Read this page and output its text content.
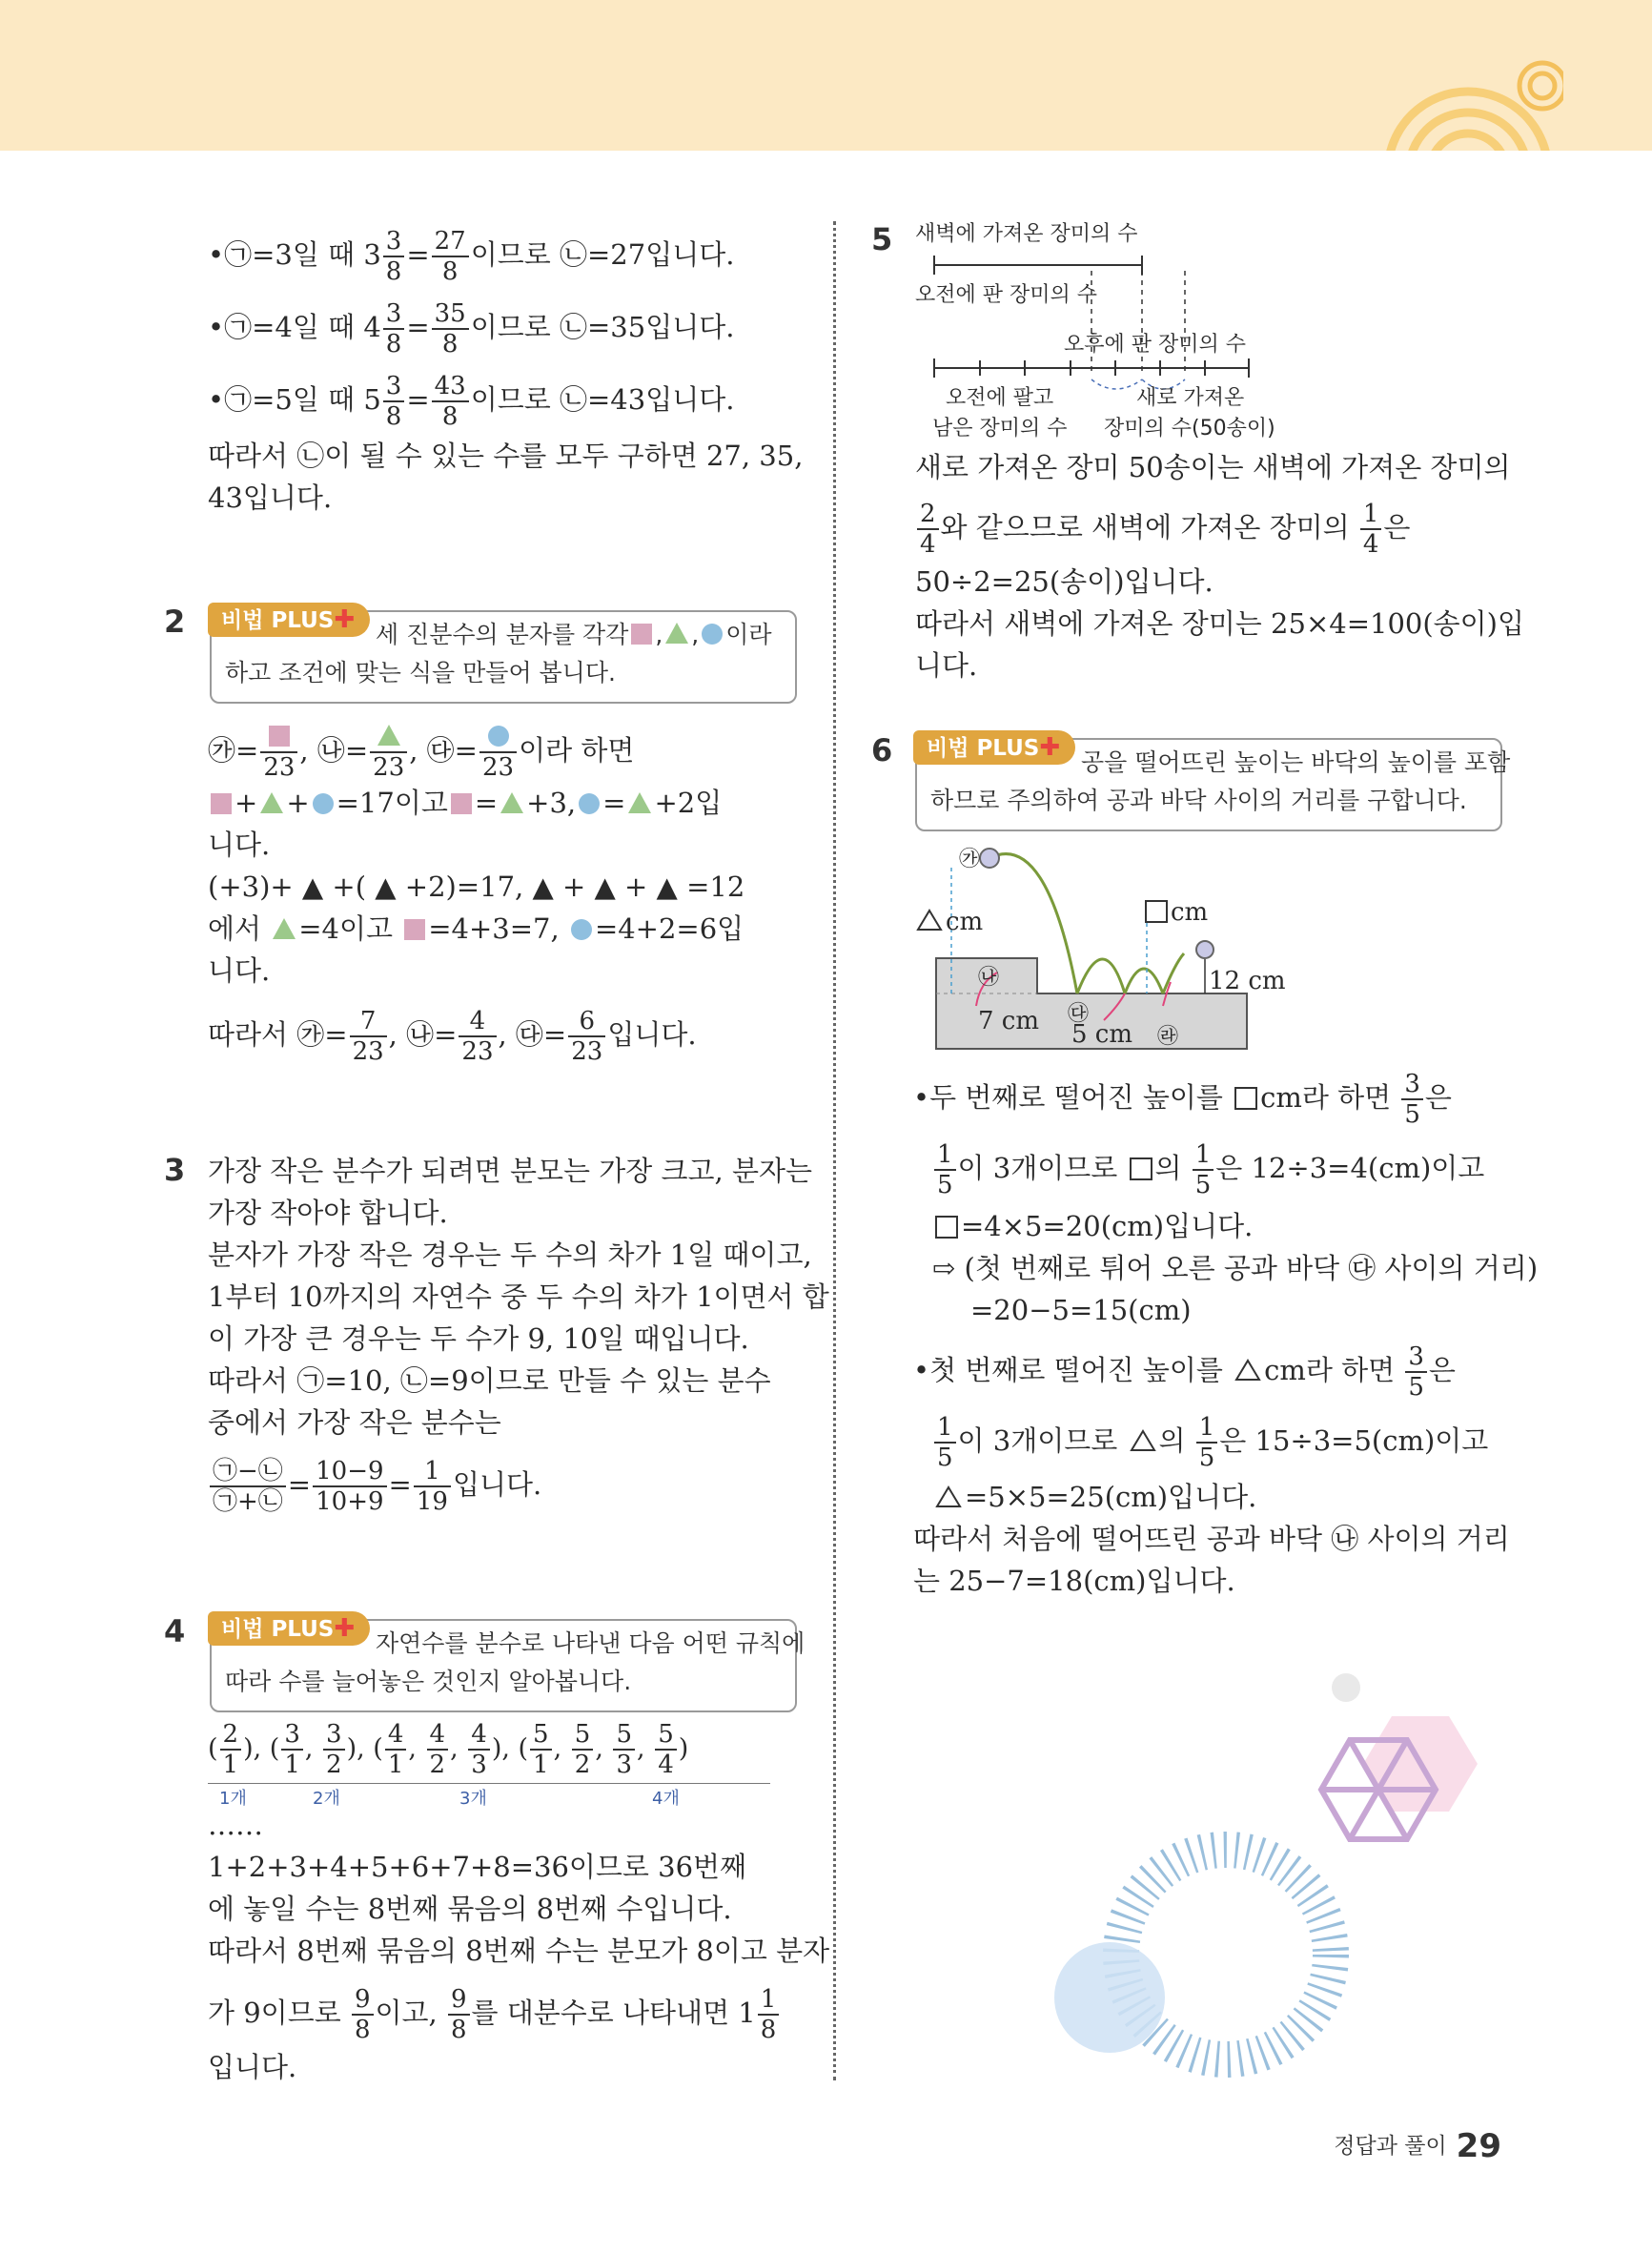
•㉠=3일 때 $3 \frac{3}{8} = \frac{27}{8}$ 이므로 ㉡=27입니다.
•㉠=4일 때 $4 \frac{3}{8} = \frac{35}{8}$ 이므로 ㉡=35입니다.
•㉠=5일 때 $5 \frac{3}{8} = \frac{43}{8}$ 이므로 ㉡=43입니다.
따라서 ㉡이 될 수 있는 수를 모두 구하면 27, 35,
43입니다.
2	비법 PLUS✚
세 진분수의 분자를 각각 , , 이라
하고 조건에 맞는 식을 만들어 봅니다.
㉮=
23
, ㉯=
23
, ㉰=
23
이라 하면
+ + =17이고 = +3, = +2입
니다.
(+3)+ ▲ +( ▲ +2)=17, ▲ + ▲ + ▲ =12
에서 =4이고 =4+3=7, =4+2=6입
니다.
따라서 ㉮= $\frac{7}{23}$ , ㉯= $\frac{4}{23}$ , ㉰= $\frac{6}{23}$ 입니다.
3 가장 작은 분수가 되려면 분모는 가장 크고, 분자는
가장 작아야 합니다.
분자가 가장 작은 경우는 두 수의 차가 1일 때이고,
1부터 10까지의 자연수 중 두 수의 차가 1이면서 합
이 가장 큰 경우는 두 수가 9, 10일 때입니다.
따라서 ㉠=10, ㉡=9이므로 만들 수 있는 분수
중에서 가장 작은 분수는
$\frac{㉠-㉡}{㉠+㉡} = \frac{10-9}{10+9} = \frac{1}{19}$ 입니다.
4	비법 PLUS✚
자연수를 분수로 나타낸 다음 어떤 규칙에
따라 수를 늘어놓은 것인지 알아봅니다.
( $\frac{2}{1}$ ), ( $\frac{3}{1}$ , $\frac{3}{2}$ ), ( $\frac{4}{1}$ , $\frac{4}{2}$ , $\frac{4}{3}$ ), ( $\frac{5}{1}$ , $\frac{5}{2}$ , $\frac{5}{3}$ , $\frac{5}{4}$ )
1개	2개	3개	4개
……
1+2+3+4+5+6+7+8=36이므로 36번째
에 놓일 수는 8번째 묶음의 8번째 수입니다.
따라서 8번째 묶음의 8번째 수는 분모가 8이고 분자
가 9이므로 $\frac{9}{8}$ 이고, $\frac{9}{8}$ 를 대분수로 나타내면 $1 \frac{1}{8}$
입니다.
5 새벽에 가져온 장미의 수
오전에 판 장미의 수
오후에 판 장미의 수
오전에 팔고
남은 장미의 수
새로 가져온
장미의 수(50송이)
새로 가져온 장미 50송이는 새벽에 가져온 장미의
$\frac{2}{4}$ 와 같으므로 새벽에 가져온 장미의 $\frac{1}{4}$ 은
50÷2=25(송이)입니다.
따라서 새벽에 가져온 장미는 25×4=100(송이)입
니다.
6	비법 PLUS✚
공을 떨어뜨린 높이는 바닥의 높이를 포함
하므로 주의하여 공과 바닥 사이의 거리를 구합니다.
㉮
cm	cm
12 cm
7 cm 5 cm
㉯
㉰
㉱
•두 번째로 떨어진 높이를 cm라 하면 $\frac{3}{5}$ 은
$\frac{1}{5}$ 이 3개이므로 의 $\frac{1}{5}$ 은 12÷3=4(cm)이고
=4×5=20(cm)입니다.
⇨ (첫 번째로 튀어 오른 공과 바닥 ㉰ 사이의 거리)
=20−5=15(cm)
•첫 번째로 떨어진 높이를 cm라 하면 $\frac{3}{5}$ 은
$\frac{1}{5}$ 이 3개이므로 의 $\frac{1}{5}$ 은 15÷3=5(cm)이고
=5×5=25(cm)입니다.
따라서 처음에 떨어뜨린 공과 바닥 ㉯ 사이의 거리
는 25−7=18(cm)입니다.
정답과 풀이 29
